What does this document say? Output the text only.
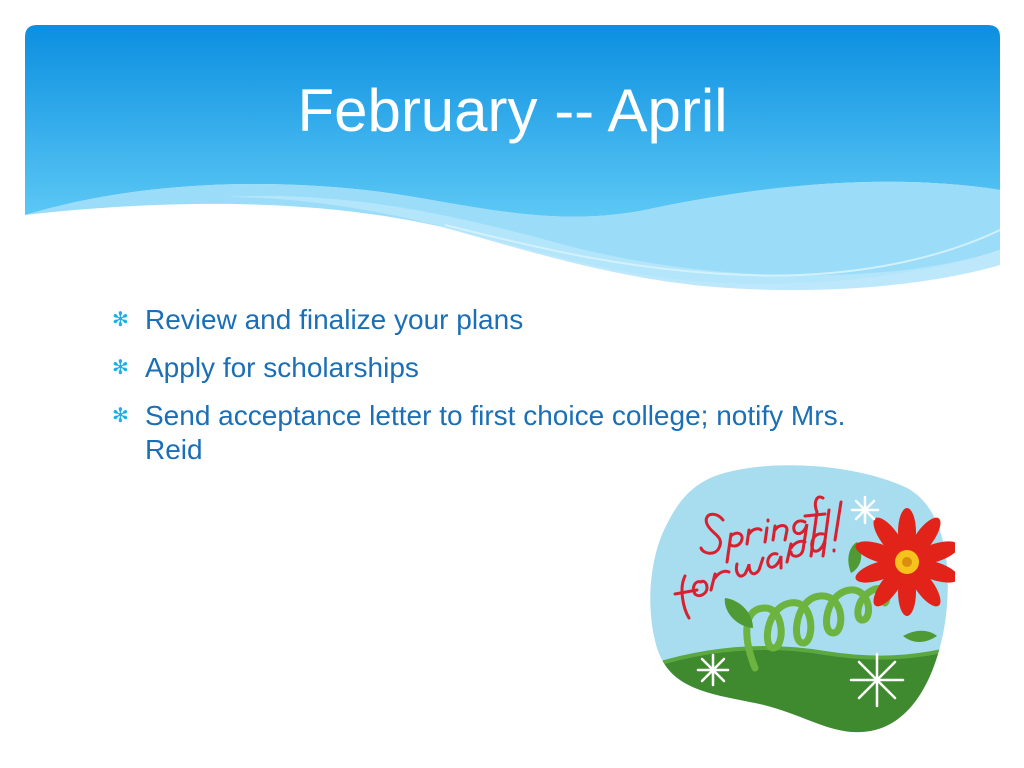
February -- April
✻ Review and finalize your plans
✻ Apply for scholarships
✻ Send acceptance letter to first choice college; notify Mrs. Reid
